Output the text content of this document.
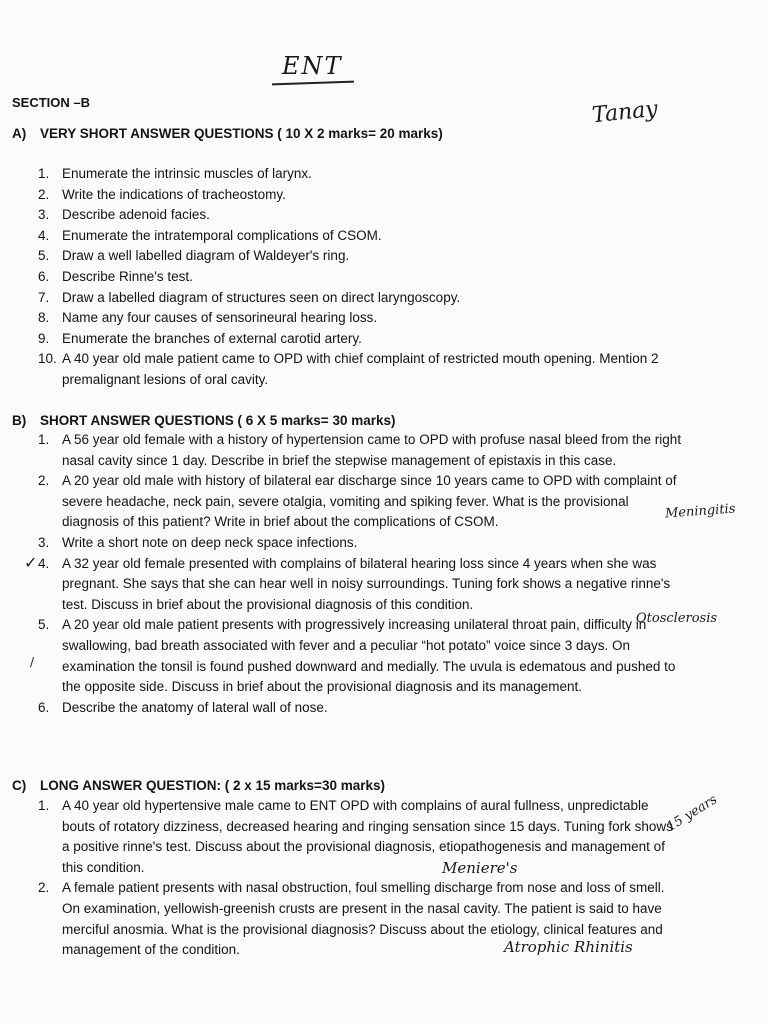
ENT
Tanay
SECTION –B
A) VERY SHORT ANSWER QUESTIONS ( 10 X 2 marks= 20 marks)
1. Enumerate the intrinsic muscles of larynx.
2. Write the indications of tracheostomy.
3. Describe adenoid facies.
4. Enumerate the intratemporal complications of CSOM.
5. Draw a well labelled diagram of Waldeyer's ring.
6. Describe Rinne's test.
7. Draw a labelled diagram of structures seen on direct laryngoscopy.
8. Name any four causes of sensorineural hearing loss.
9. Enumerate the branches of external carotid artery.
10. A 40 year old male patient came to OPD with chief complaint of restricted mouth opening. Mention 2 premalignant lesions of oral cavity.
B) SHORT ANSWER QUESTIONS ( 6 X 5 marks= 30 marks)
1. A 56 year old female with a history of hypertension came to OPD with profuse nasal bleed from the right nasal cavity since 1 day. Describe in brief the stepwise management of epistaxis in this case.
2. A 20 year old male with history of bilateral ear discharge since 10 years came to OPD with complaint of severe headache, neck pain, severe otalgia, vomiting and spiking fever. What is the provisional diagnosis of this patient? Write in brief about the complications of CSOM.
3. Write a short note on deep neck space infections.
4. A 32 year old female presented with complains of bilateral hearing loss since 4 years when she was pregnant. She says that she can hear well in noisy surroundings. Tuning fork shows a negative rinne's test. Discuss in brief about the provisional diagnosis of this condition.
5. A 20 year old male patient presents with progressively increasing unilateral throat pain, difficulty in swallowing, bad breath associated with fever and a peculiar “hot potato” voice since 3 days. On examination the tonsil is found pushed downward and medially. The uvula is edematous and pushed to the opposite side. Discuss in brief about the provisional diagnosis and its management.
6. Describe the anatomy of lateral wall of nose.
C) LONG ANSWER QUESTION: ( 2 x 15 marks=30 marks)
1. A 40 year old hypertensive male came to ENT OPD with complains of aural fullness, unpredictable bouts of rotatory dizziness, decreased hearing and ringing sensation since 15 days. Tuning fork shows a positive rinne's test. Discuss about the provisional diagnosis, etiopathogenesis and management of this condition.
2. A female patient presents with nasal obstruction, foul smelling discharge from nose and loss of smell. On examination, yellowish-greenish crusts are present in the nasal cavity. The patient is said to have merciful anosmia. What is the provisional diagnosis? Discuss about the etiology, clinical features and management of the condition.
Meningitis
Otosclerosis
Meniere's
Atrophic Rhinitis
15 years
✓
/
